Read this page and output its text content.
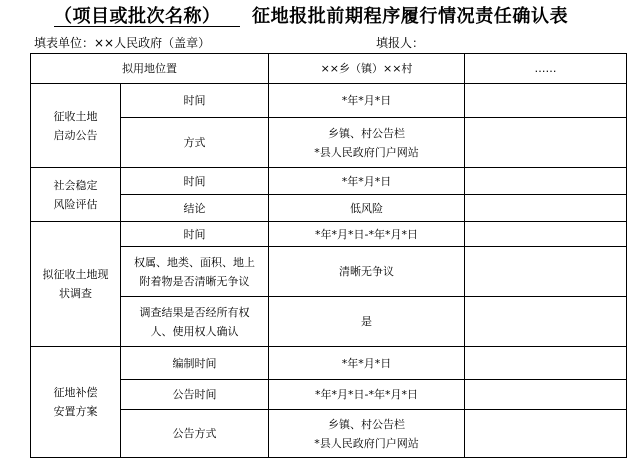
（项目或批次名称） 征地报批前期程序履行情况责任确认表
填表单位：××人民政府（盖章）	填报人：
拟用地位置		××乡（镇）××村	……

征收土地
启动公告	时间	*年*月*日	
	方式	乡镇、村公告栏
*县人民政府门户网站	

社会稳定
风险评估	时间	*年*月*日	
	结论	低风险	

拟征收土地现
状调查	时间	*年*月*日-*年*月*日	

	权属、地类、面积、地上
附着物是否清晰无争议	清晰无争议	

	调查结果是否经所有权
人、使用权人确认	是	

征地补偿
安置方案	编制时间	*年*月*日	
	公告时间	*年*月*日-*年*月*日	
	公告方式	乡镇、村公告栏
*县人民政府门户网站	
